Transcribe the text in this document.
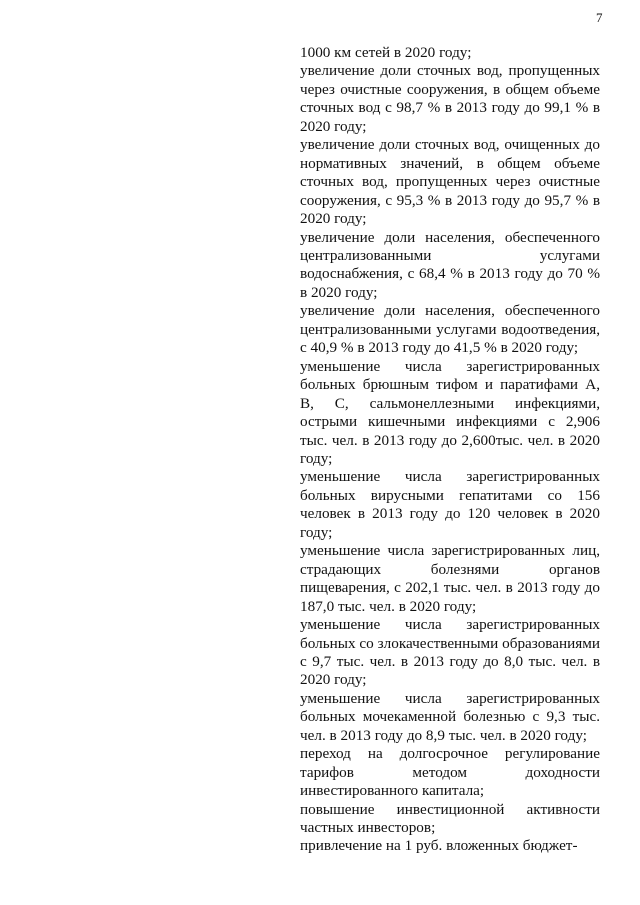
7

1000 км сетей в 2020 году;

увеличение доли сточных вод, пропущенных через очистные сооружения, в общем объеме сточных вод с 98,7 % в 2013 году до 99,1 % в 2020 году;

увеличение доли сточных вод, очищенных до нормативных значений, в общем объеме сточных вод, пропущенных через очистные сооружения, с 95,3 % в 2013 году до 95,7 % в 2020 году;

увеличение доли населения, обеспеченного централизованными услугами водоснабжения, с 68,4 % в 2013 году до 70 % в 2020 году;

увеличение доли населения, обеспеченного централизованными услугами водоотведения, с 40,9 % в 2013 году до 41,5 % в 2020 году;

уменьшение числа зарегистрированных больных брюшным тифом и паратифами А, В, С, сальмонеллезными инфекциями, острыми кишечными инфекциями с 2,906 тыс. чел. в 2013 году до 2,600тыс. чел. в 2020 году;

уменьшение числа зарегистрированных больных вирусными гепатитами со 156 человек в 2013 году до 120 человек в 2020 году;

уменьшение числа зарегистрированных лиц, страдающих болезнями органов пищеварения, с 202,1 тыс. чел. в 2013 году до 187,0 тыс. чел. в 2020 году;

уменьшение числа зарегистрированных больных со злокачественными образованиями с 9,7 тыс. чел. в 2013 году до 8,0 тыс. чел. в 2020 году;

уменьшение числа зарегистрированных больных мочекаменной болезнью с 9,3 тыс. чел. в 2013 году до 8,9 тыс. чел. в 2020 году;

переход на долгосрочное регулирование тарифов методом доходности инвестированного капитала;

повышение инвестиционной активности частных инвесторов;

привлечение на 1 руб. вложенных бюджет-
